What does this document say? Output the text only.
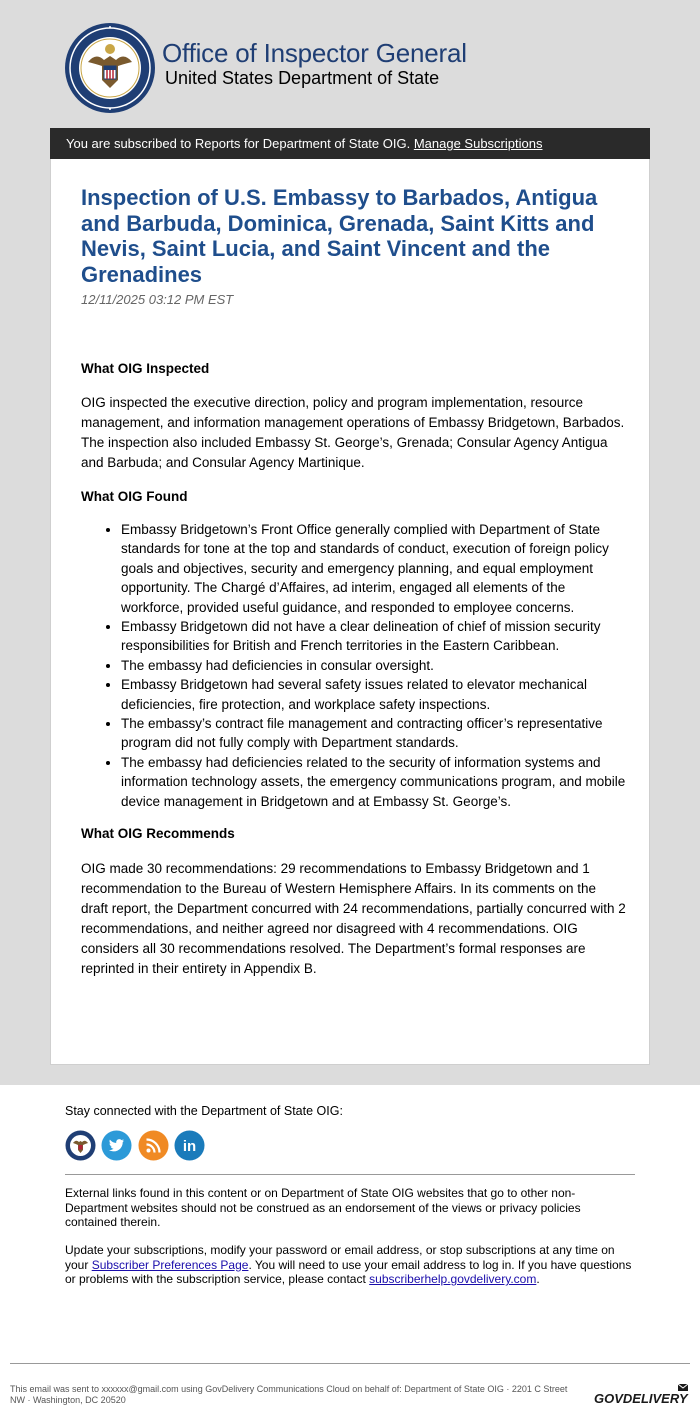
Office of Inspector General
United States Department of State
You are subscribed to Reports for Department of State OIG. Manage Subscriptions
Inspection of U.S. Embassy to Barbados, Antigua and Barbuda, Dominica, Grenada, Saint Kitts and Nevis, Saint Lucia, and Saint Vincent and the Grenadines
12/11/2025 03:12 PM EST
What OIG Inspected
OIG inspected the executive direction, policy and program implementation, resource management, and information management operations of Embassy Bridgetown, Barbados. The inspection also included Embassy St. George’s, Grenada; Consular Agency Antigua and Barbuda; and Consular Agency Martinique.
What OIG Found
• Embassy Bridgetown’s Front Office generally complied with Department of State standards for tone at the top and standards of conduct, execution of foreign policy goals and objectives, security and emergency planning, and equal employment opportunity. The Chargé d’Affaires, ad interim, engaged all elements of the workforce, provided useful guidance, and responded to employee concerns.
• Embassy Bridgetown did not have a clear delineation of chief of mission security responsibilities for British and French territories in the Eastern Caribbean.
• The embassy had deficiencies in consular oversight.
• Embassy Bridgetown had several safety issues related to elevator mechanical deficiencies, fire protection, and workplace safety inspections.
• The embassy’s contract file management and contracting officer’s representative program did not fully comply with Department standards.
• The embassy had deficiencies related to the security of information systems and information technology assets, the emergency communications program, and mobile device management in Bridgetown and at Embassy St. George’s.
What OIG Recommends
OIG made 30 recommendations: 29 recommendations to Embassy Bridgetown and 1 recommendation to the Bureau of Western Hemisphere Affairs. In its comments on the draft report, the Department concurred with 24 recommendations, partially concurred with 2 recommendations, and neither agreed nor disagreed with 4 recommendations. OIG considers all 30 recommendations resolved. The Department’s formal responses are reprinted in their entirety in Appendix B.
Stay connected with the Department of State OIG:

in
External links found in this content or on Department of State OIG websites that go to other non-Department websites should not be construed as an endorsement of the views or privacy policies contained therein.
Update your subscriptions, modify your password or email address, or stop subscriptions at any time on your Subscriber Preferences Page. You will need to use your email address to log in. If you have questions or problems with the subscription service, please contact subscriberhelp.govdelivery.com.
This email was sent to xxxxxx@gmail.com using GovDelivery Communications Cloud on behalf of: Department of State OIG · 2201 C Street NW · Washington, DC 20520	GOVDELIVERY
